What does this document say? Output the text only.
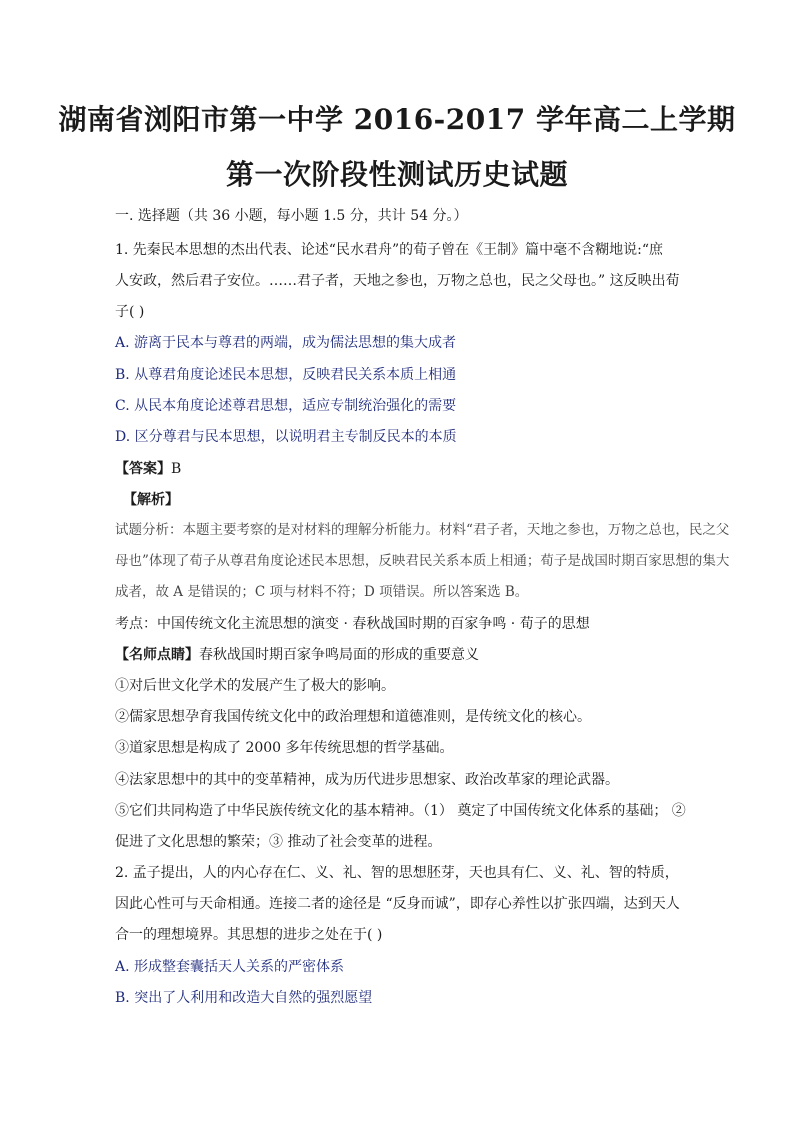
湖南省浏阳市第一中学 2016-2017 学年高二上学期
第一次阶段性测试历史试题
一. 选择题（共 36 小题，每小题 1.5 分，共计 54 分。）
1. 先秦民本思想的杰出代表、论述“民水君舟”的荀子曾在《王制》篇中毫不含糊地说:“庶
人安政，然后君子安位。……君子者，天地之参也，万物之总也，民之父母也。” 这反映出荀
子( )
A. 游离于民本与尊君的两端，成为儒法思想的集大成者
B. 从尊君角度论述民本思想，反映君民关系本质上相通
C. 从民本角度论述尊君思想，适应专制统治强化的需要
D. 区分尊君与民本思想，以说明君主专制反民本的本质
【答案】B
【解析】
试题分析：本题主要考察的是对材料的理解分析能力。材料“君子者，天地之参也，万物之总也，民之父
母也”体现了荀子从尊君角度论述民本思想，反映君民关系本质上相通；荀子是战国时期百家思想的集大
成者，故 A 是错误的；C 项与材料不符；D 项错误。所以答案选 B。
考点：中国传统文化主流思想的演变 · 春秋战国时期的百家争鸣 · 荀子的思想
【名师点睛】春秋战国时期百家争鸣局面的形成的重要意义
①对后世文化学术的发展产生了极大的影响。
②儒家思想孕育我国传统文化中的政治理想和道德准则，是传统文化的核心。
③道家思想是构成了 2000 多年传统思想的哲学基础。
④法家思想中的其中的变革精神，成为历代进步思想家、政治改革家的理论武器。
⑤它们共同构造了中华民族传统文化的基本精神。（1） 奠定了中国传统文化体系的基础； ②
促进了文化思想的繁荣；③ 推动了社会变革的进程。
2. 孟子提出，人的内心存在仁、义、礼、智的思想胚芽，天也具有仁、义、礼、智的特质，
因此心性可与天命相通。连接二者的途径是 “反身而诚”，即存心养性以扩张四端，达到天人
合一的理想境界。其思想的进步之处在于( )
A. 形成整套囊括天人关系的严密体系
B. 突出了人利用和改造大自然的强烈愿望
